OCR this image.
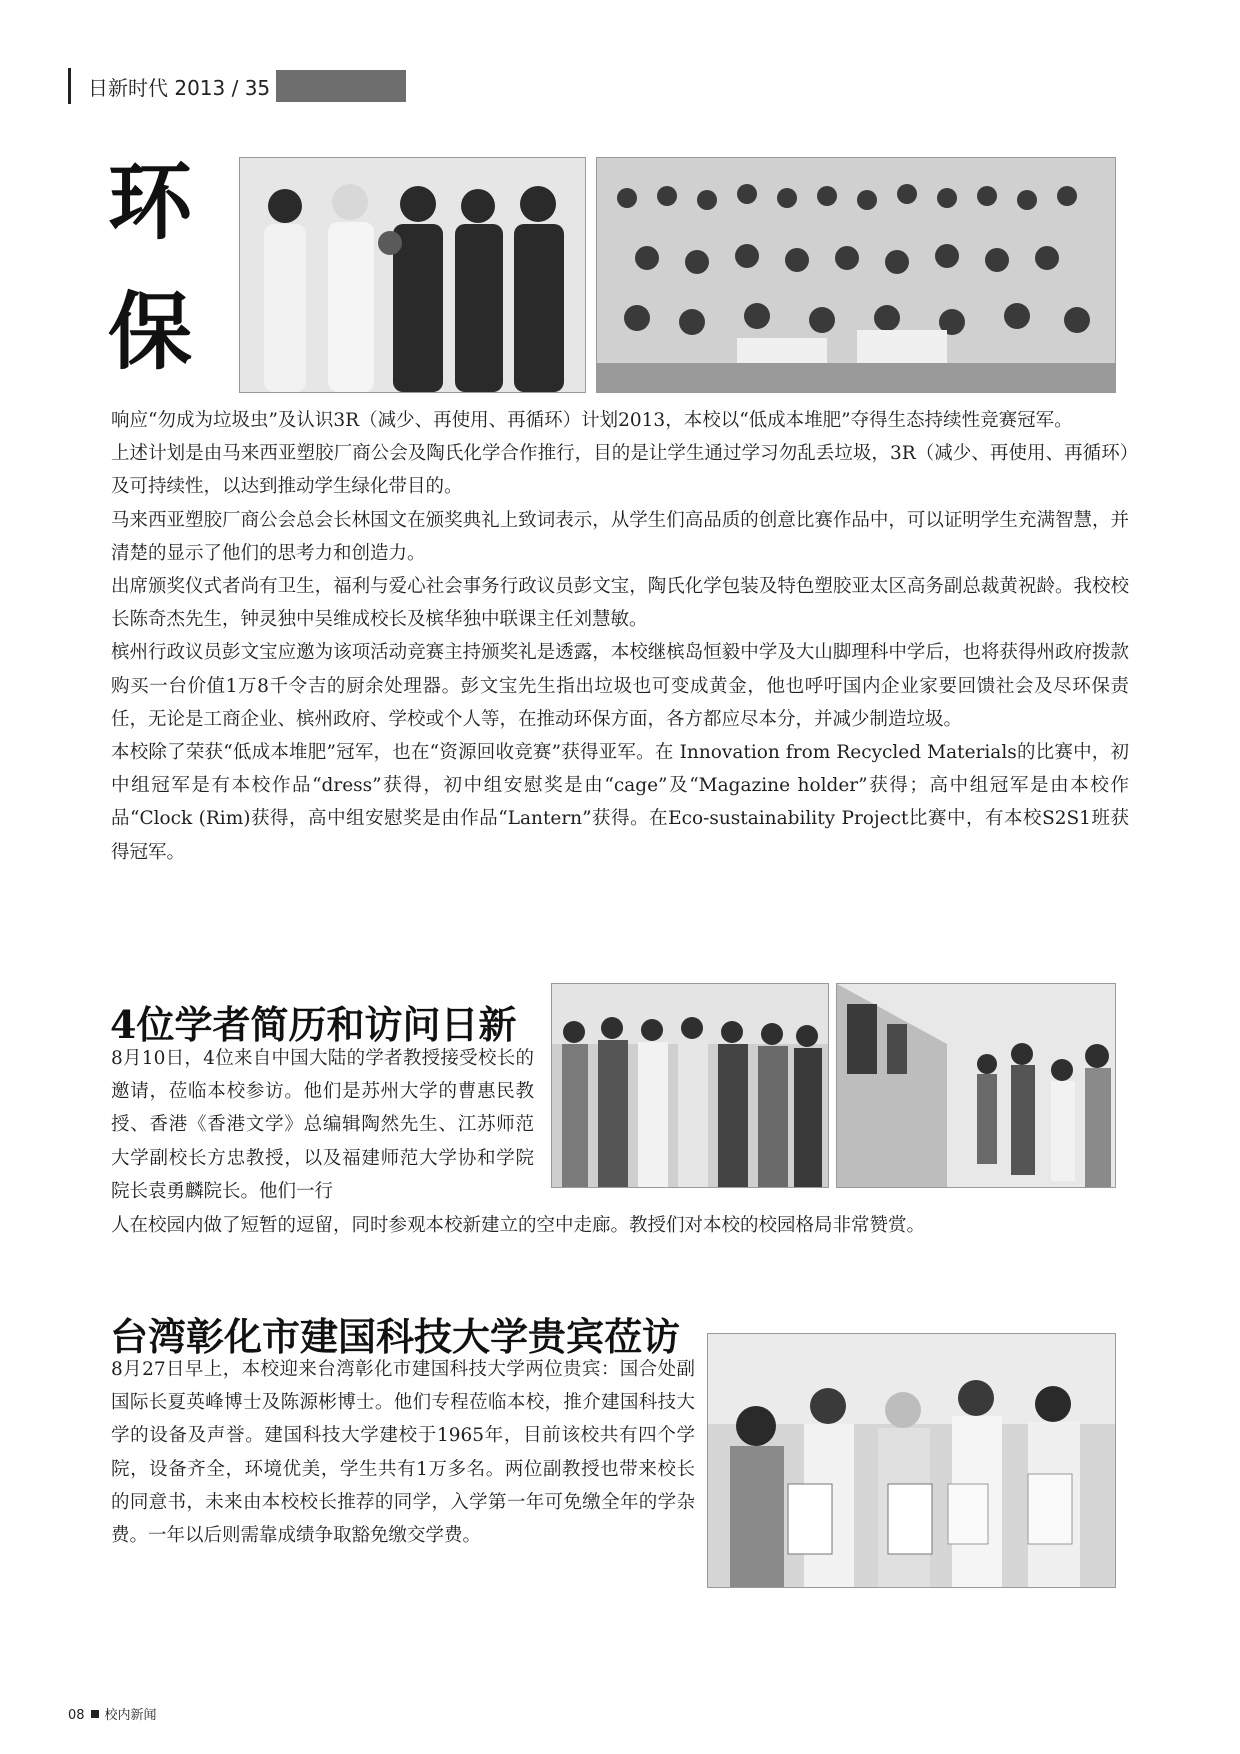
日新时代 2013 / 35
环
保

响应“勿成为垃圾虫”及认识3R（减少、再使用、再循环）计划2013，本校以“低成本堆肥”夺得生态持续性竞赛冠军。

上述计划是由马来西亚塑胶厂商公会及陶氏化学合作推行，目的是让学生通过学习勿乱丢垃圾，3R（减少、再使用、再循环）及可持续性，以达到推动学生绿化带目的。

马来西亚塑胶厂商公会总会长林国文在颁奖典礼上致词表示，从学生们高品质的创意比赛作品中，可以证明学生充满智慧，并清楚的显示了他们的思考力和创造力。

出席颁奖仪式者尚有卫生，福利与爱心社会事务行政议员彭文宝，陶氏化学包装及特色塑胶亚太区高务副总裁黄祝龄。我校校长陈奇杰先生，钟灵独中吴维成校长及槟华独中联课主任刘慧敏。

槟州行政议员彭文宝应邀为该项活动竞赛主持颁奖礼是透露，本校继槟岛恒毅中学及大山脚理科中学后，也将获得州政府拨款购买一台价值1万8千令吉的厨余处理器。彭文宝先生指出垃圾也可变成黄金，他也呼吁国内企业家要回馈社会及尽环保责任，无论是工商企业、槟州政府、学校或个人等，在推动环保方面，各方都应尽本分，并减少制造垃圾。

本校除了荣获“低成本堆肥”冠军，也在“资源回收竞赛”获得亚军。在 Innovation from Recycled Materials的比赛中，初中组冠军是有本校作品“dress”获得，初中组安慰奖是由“cage”及“Magazine holder”获得；高中组冠军是由本校作品“Clock (Rim)获得，高中组安慰奖是由作品“Lantern”获得。在Eco-sustainability Project比赛中，有本校S2S1班获得冠军。

4位学者简历和访问日新
8月10日，4位来自中国大陆的学者教授接受校长的邀请，莅临本校参访。他们是苏州大学的曹惠民教授、香港《香港文学》总编辑陶然先生、江苏师范大学副校长方忠教授，以及福建师范大学协和学院院长袁勇麟院长。他们一行
人在校园内做了短暂的逗留，同时参观本校新建立的空中走廊。教授们对本校的校园格局非常赞赏。
台湾彰化市建国科技大学贵宾莅访
8月27日早上，本校迎来台湾彰化市建国科技大学两位贵宾：国合处副国际长夏英峰博士及陈源彬博士。他们专程莅临本校，推介建国科技大学的设备及声誉。建国科技大学建校于1965年，目前该校共有四个学院，设备齐全，环境优美，学生共有1万多名。两位副教授也带来校长的同意书，未来由本校校长推荐的同学，入学第一年可免缴全年的学杂费。一年以后则需靠成绩争取豁免缴交学费。
08 校内新闻
